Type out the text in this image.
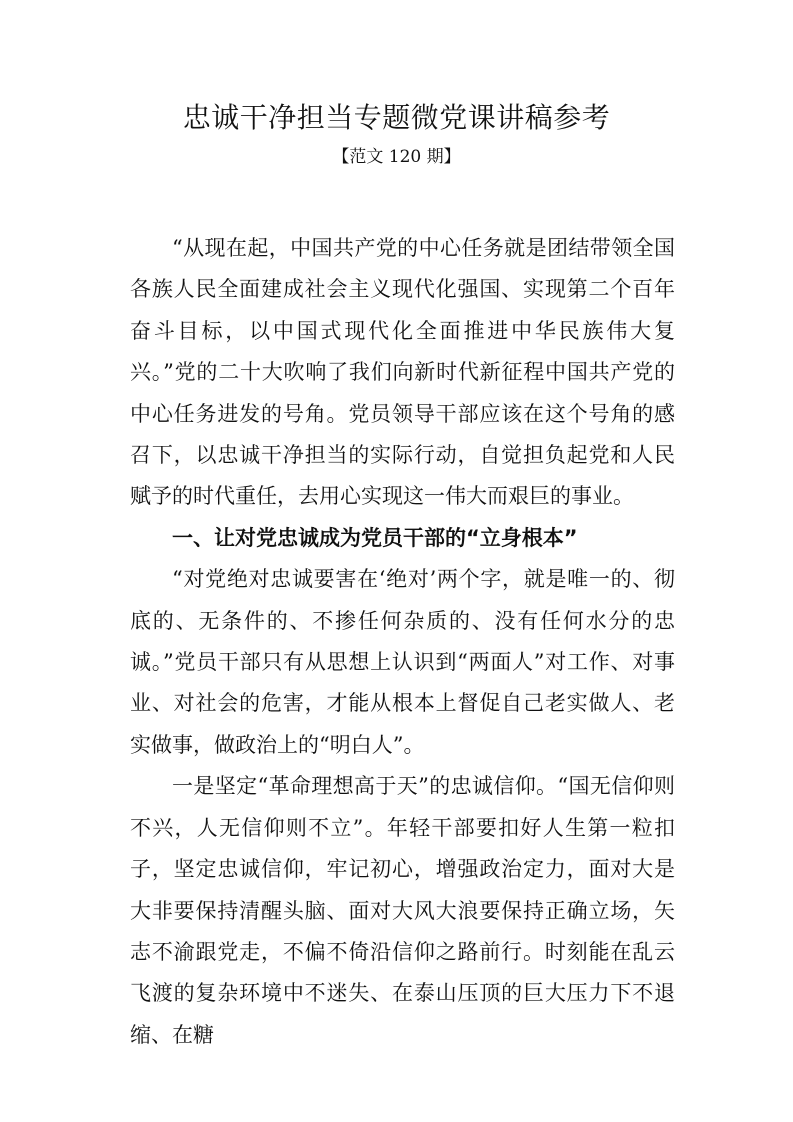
忠诚干净担当专题微党课讲稿参考
【范文 120 期】

“从现在起，中国共产党的中心任务就是团结带领全国各族人民全面建成社会主义现代化强国、实现第二个百年奋斗目标，以中国式现代化全面推进中华民族伟大复兴。”党的二十大吹响了我们向新时代新征程中国共产党的中心任务进发的号角。党员领导干部应该在这个号角的感召下，以忠诚干净担当的实际行动，自觉担负起党和人民赋予的时代重任，去用心实现这一伟大而艰巨的事业。

一、让对党忠诚成为党员干部的“立身根本”

“对党绝对忠诚要害在‘绝对’两个字，就是唯一的、彻底的、无条件的、不掺任何杂质的、没有任何水分的忠诚。”党员干部只有从思想上认识到“两面人”对工作、对事业、对社会的危害，才能从根本上督促自己老实做人、老实做事，做政治上的“明白人”。

一是坚定“革命理想高于天”的忠诚信仰。“国无信仰则不兴，人无信仰则不立”。年轻干部要扣好人生第一粒扣子，坚定忠诚信仰，牢记初心，增强政治定力，面对大是大非要保持清醒头脑、面对大风大浪要保持正确立场，矢志不渝跟党走，不偏不倚沿信仰之路前行。时刻能在乱云飞渡的复杂环境中不迷失、在泰山压顶的巨大压力下不退缩、在糖
